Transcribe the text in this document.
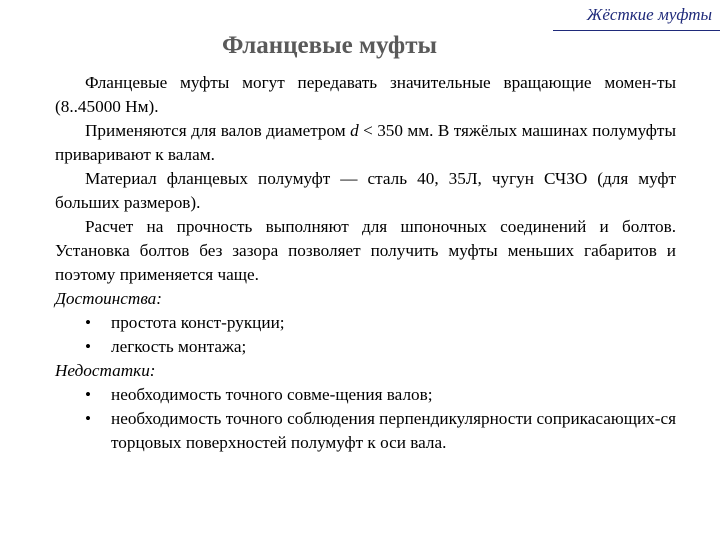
Жёсткие муфты
Фланцевые муфты

Фланцевые муфты могут передавать значительные вращающие момен-ты (8..45000 Нм).

Применяются для валов диаметром d < 350 мм. В тяжёлых машинах полумуфты приваривают к валам.

Материал фланцевых полумуфт — сталь 40, 35Л, чугун СЧЗО (для муфт больших размеров).

Расчет на прочность выполняют для шпоночных соединений и болтов. Установка болтов без зазора позволяет получить муфты меньших габаритов и поэтому применяется чаще.

Достоинства:

• простота конст-рукции;
• легкость монтажа;

Недостатки:

• необходимость точного совме-щения валов;
• необходимость точного соблюдения перпендикулярности соприкасающих-ся торцовых поверхностей полумуфт к оси вала.
